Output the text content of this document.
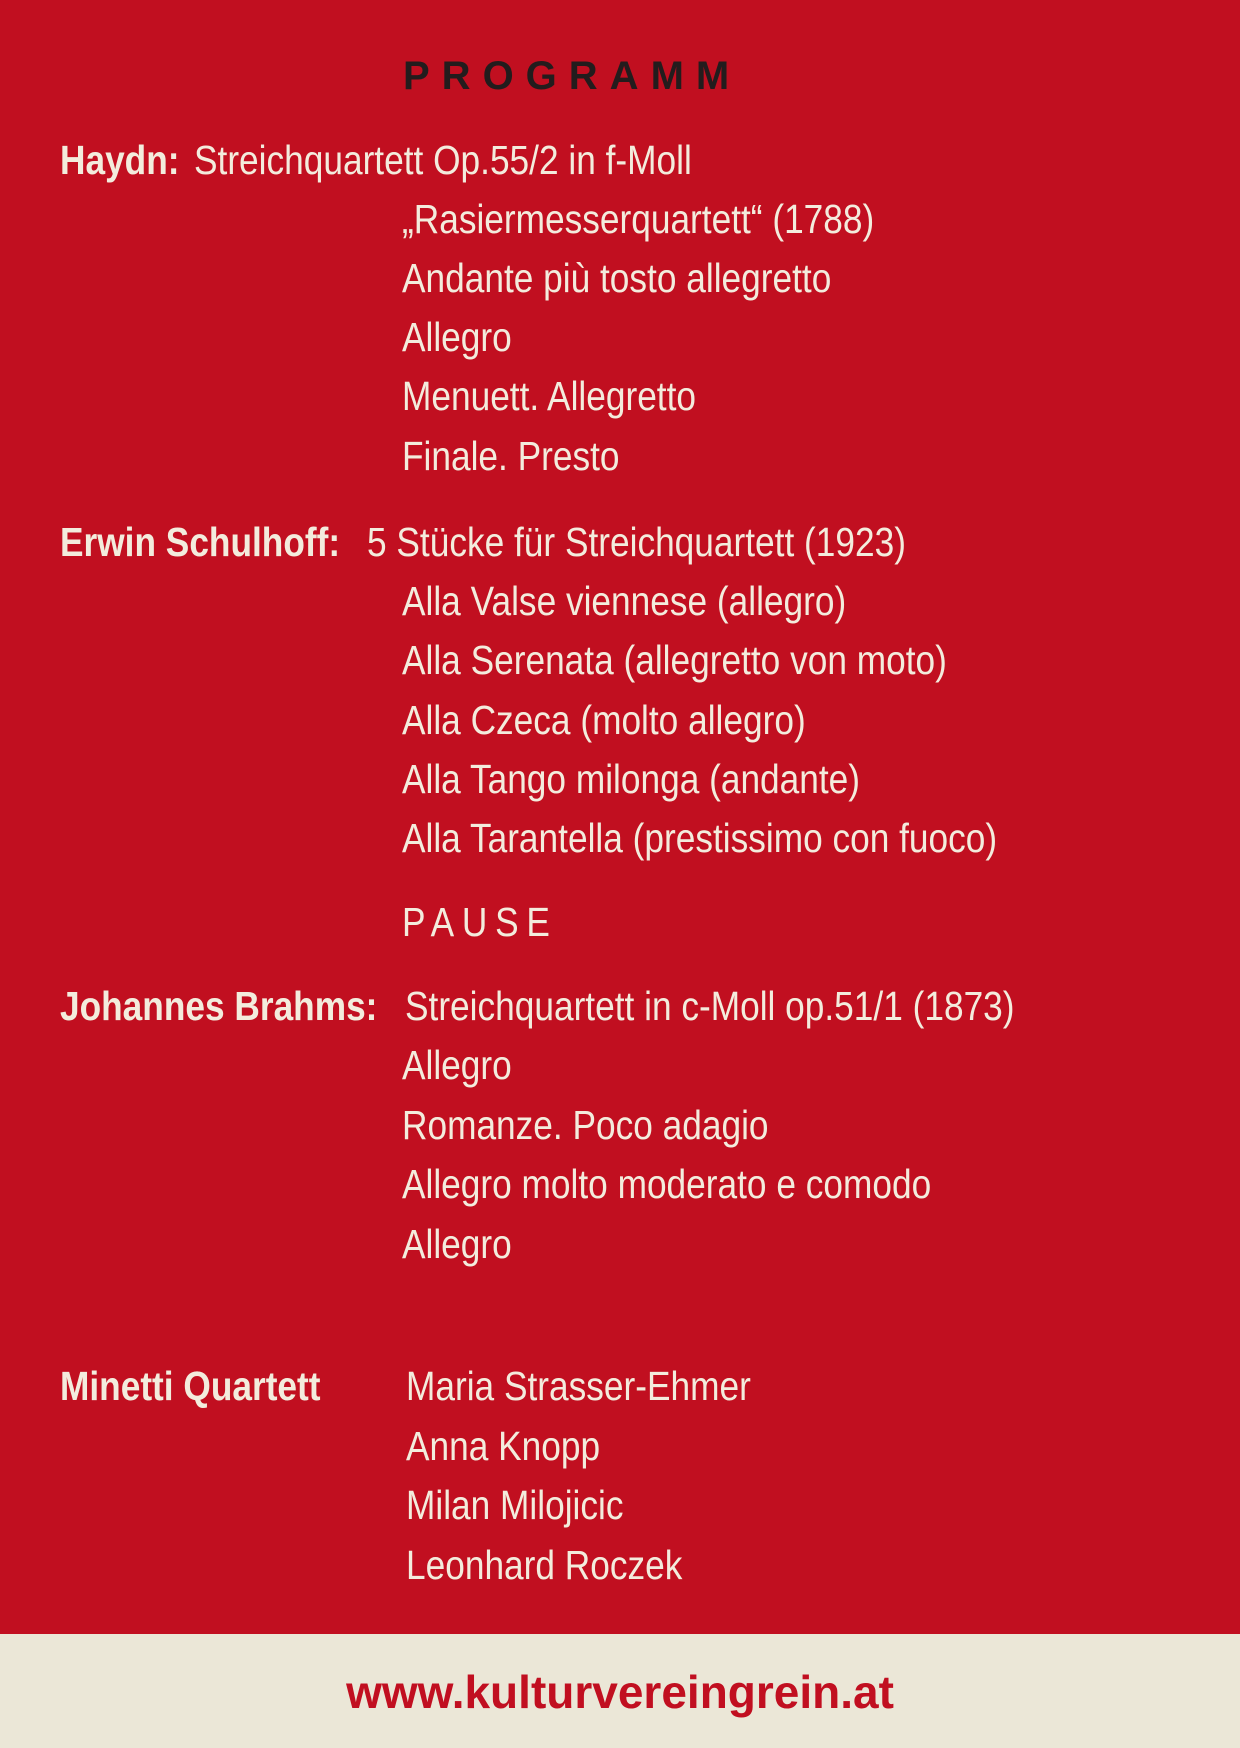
PROGRAMM
Haydn: Streichquartett Op.55/2 in f-Moll
„Rasiermesserquartett“ (1788)
Andante più tosto allegretto
Allegro
Menuett. Allegretto
Finale. Presto
Erwin Schulhoff: 5 Stücke für Streichquartett (1923)
Alla Valse viennese (allegro)
Alla Serenata (allegretto von moto)
Alla Czeca (molto allegro)
Alla Tango milonga (andante)
Alla Tarantella (prestissimo con fuoco)
PAUSE
Johannes Brahms: Streichquartett in c-Moll op.51/1 (1873)
Allegro
Romanze. Poco adagio
Allegro molto moderato e comodo
Allegro
Minetti Quartett Maria Strasser-Ehmer
Anna Knopp
Milan Milojicic
Leonhard Roczek
www.kulturvereingrein.at
